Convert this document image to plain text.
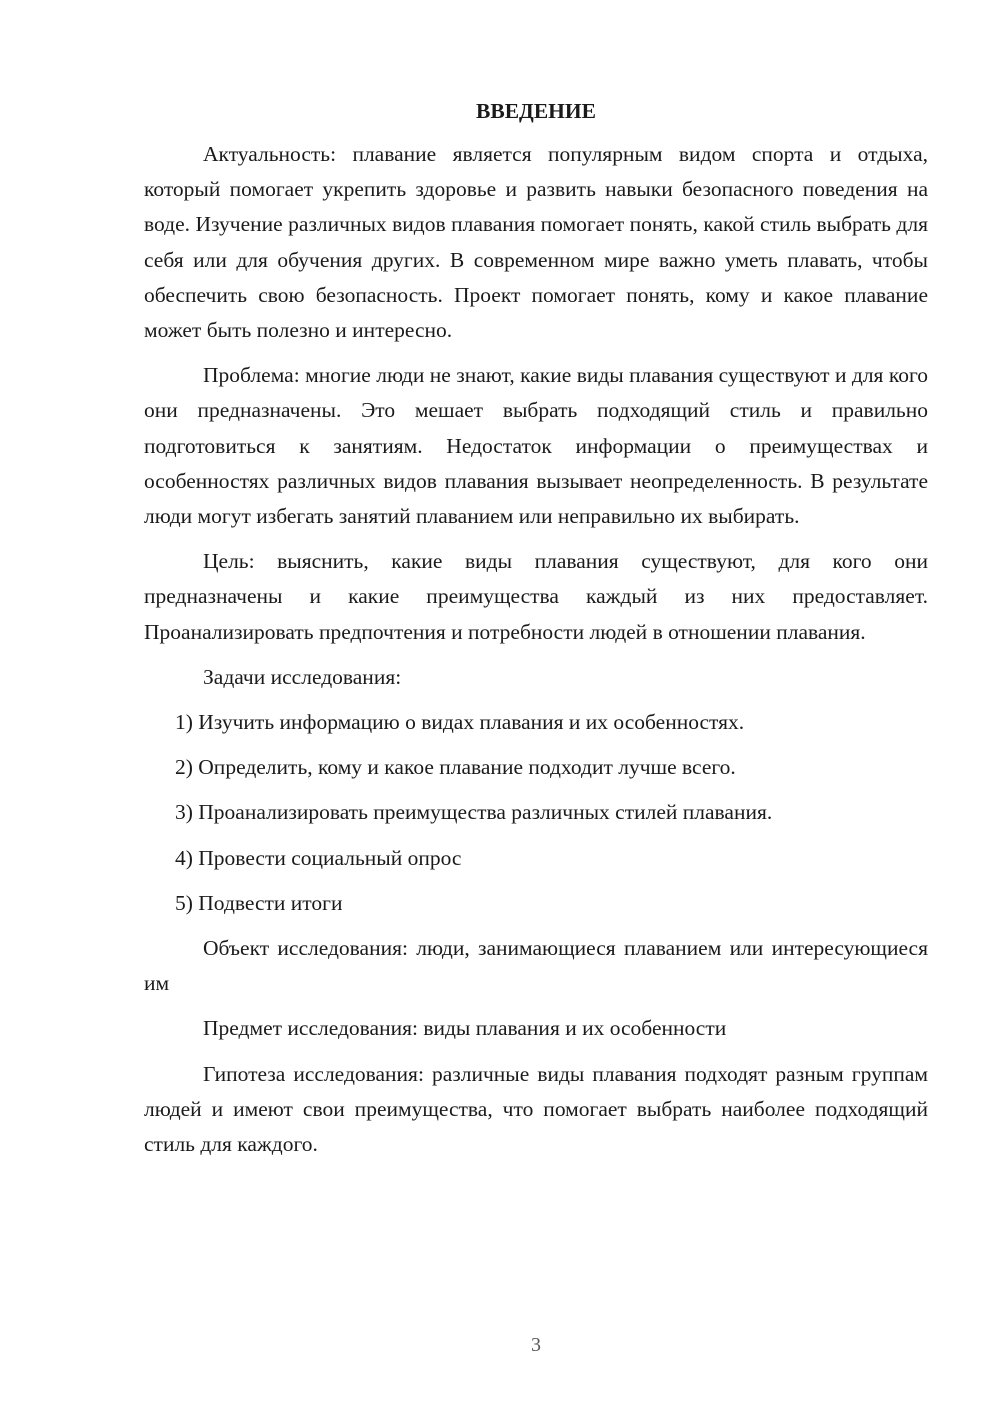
ВВЕДЕНИЕ

Актуальность: плавание является популярным видом спорта и отдыха, который помогает укрепить здоровье и развить навыки безопасного поведения на воде. Изучение различных видов плавания помогает понять, какой стиль выбрать для себя или для обучения других. В современном мире важно уметь плавать, чтобы обеспечить свою безопасность. Проект помогает понять, кому и какое плавание может быть полезно и интересно.

Проблема: многие люди не знают, какие виды плавания существуют и для кого они предназначены. Это мешает выбрать подходящий стиль и правильно подготовиться к занятиям. Недостаток информации о преимуществах и особенностях различных видов плавания вызывает неопределенность. В результате люди могут избегать занятий плаванием или неправильно их выбирать.

Цель: выяснить, какие виды плавания существуют, для кого они предназначены и какие преимущества каждый из них предоставляет. Проанализировать предпочтения и потребности людей в отношении плавания.

Задачи исследования:

1) Изучить информацию о видах плавания и их особенностях.

2) Определить, кому и какое плавание подходит лучше всего.

3) Проанализировать преимущества различных стилей плавания.

4) Провести социальный опрос

5) Подвести итоги

Объект исследования: люди, занимающиеся плаванием или интересующиеся им

Предмет исследования: виды плавания и их особенности

Гипотеза исследования: различные виды плавания подходят разным группам людей и имеют свои преимущества, что помогает выбрать наиболее подходящий стиль для каждого.

3
